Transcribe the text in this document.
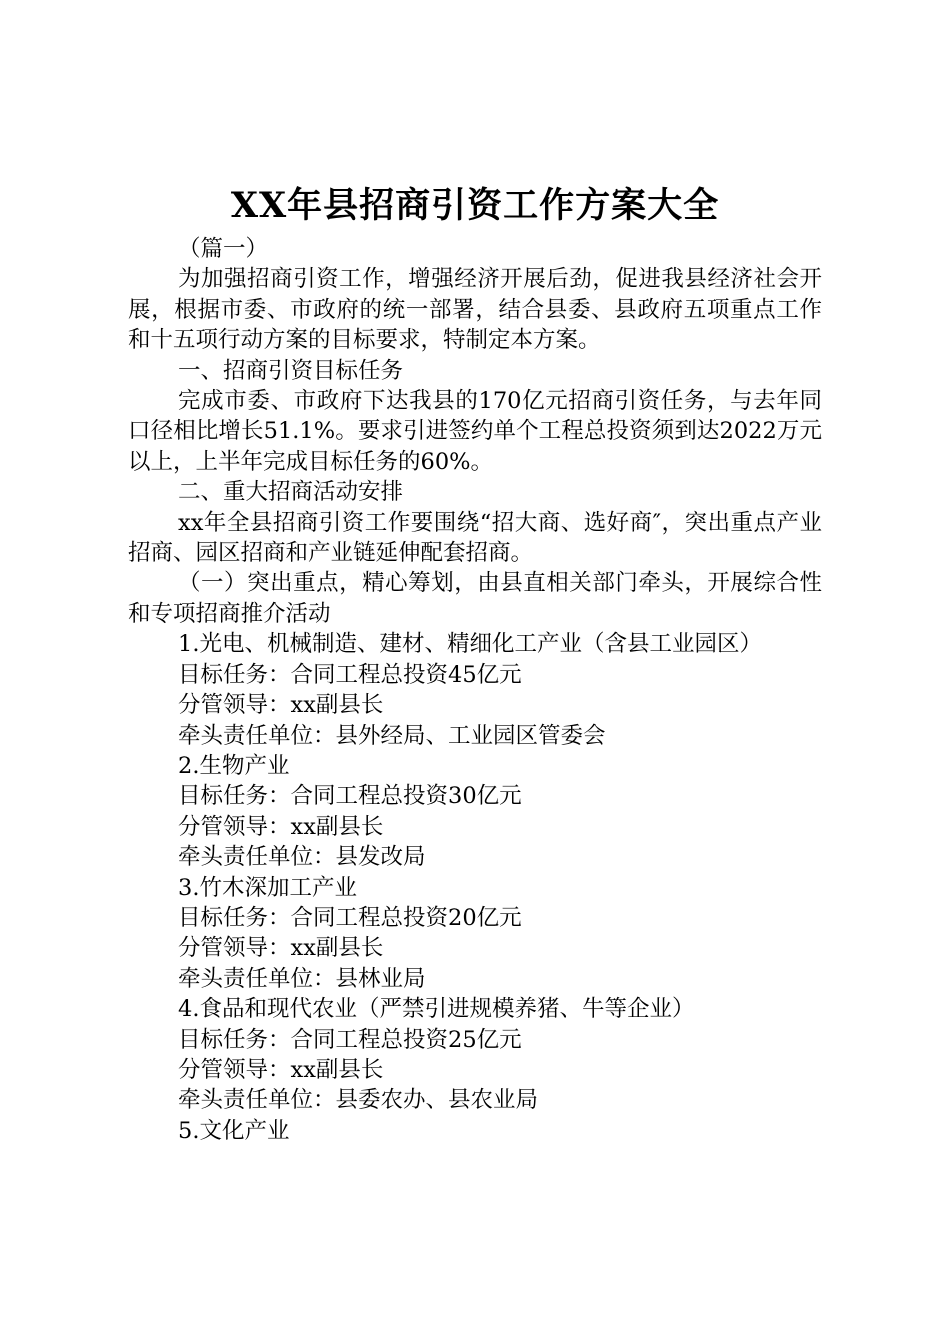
XX年县招商引资工作方案大全

（篇一）

为加强招商引资工作，增强经济开展后劲，促进我县经济社会开展，根据市委、市政府的统一部署，结合县委、县政府五项重点工作和十五项行动方案的目标要求，特制定本方案。

一、招商引资目标任务

完成市委、市政府下达我县的170亿元招商引资任务，与去年同口径相比增长51.1%。要求引进签约单个工程总投资须到达2022万元以上，上半年完成目标任务的60%。

二、重大招商活动安排

xx年全县招商引资工作要围绕“招大商、选好商″，突出重点产业招商、园区招商和产业链延伸配套招商。

（一）突出重点，精心筹划，由县直相关部门牵头，开展综合性和专项招商推介活动

1.光电、机械制造、建材、精细化工产业（含县工业园区）

目标任务：合同工程总投资45亿元

分管领导：xx副县长

牵头责任单位：县外经局、工业园区管委会

2.生物产业

目标任务：合同工程总投资30亿元

分管领导：xx副县长

牵头责任单位：县发改局

3.竹木深加工产业

目标任务：合同工程总投资20亿元

分管领导：xx副县长

牵头责任单位：县林业局

4.食品和现代农业（严禁引进规模养猪、牛等企业）

目标任务：合同工程总投资25亿元

分管领导：xx副县长

牵头责任单位：县委农办、县农业局

5.文化产业
